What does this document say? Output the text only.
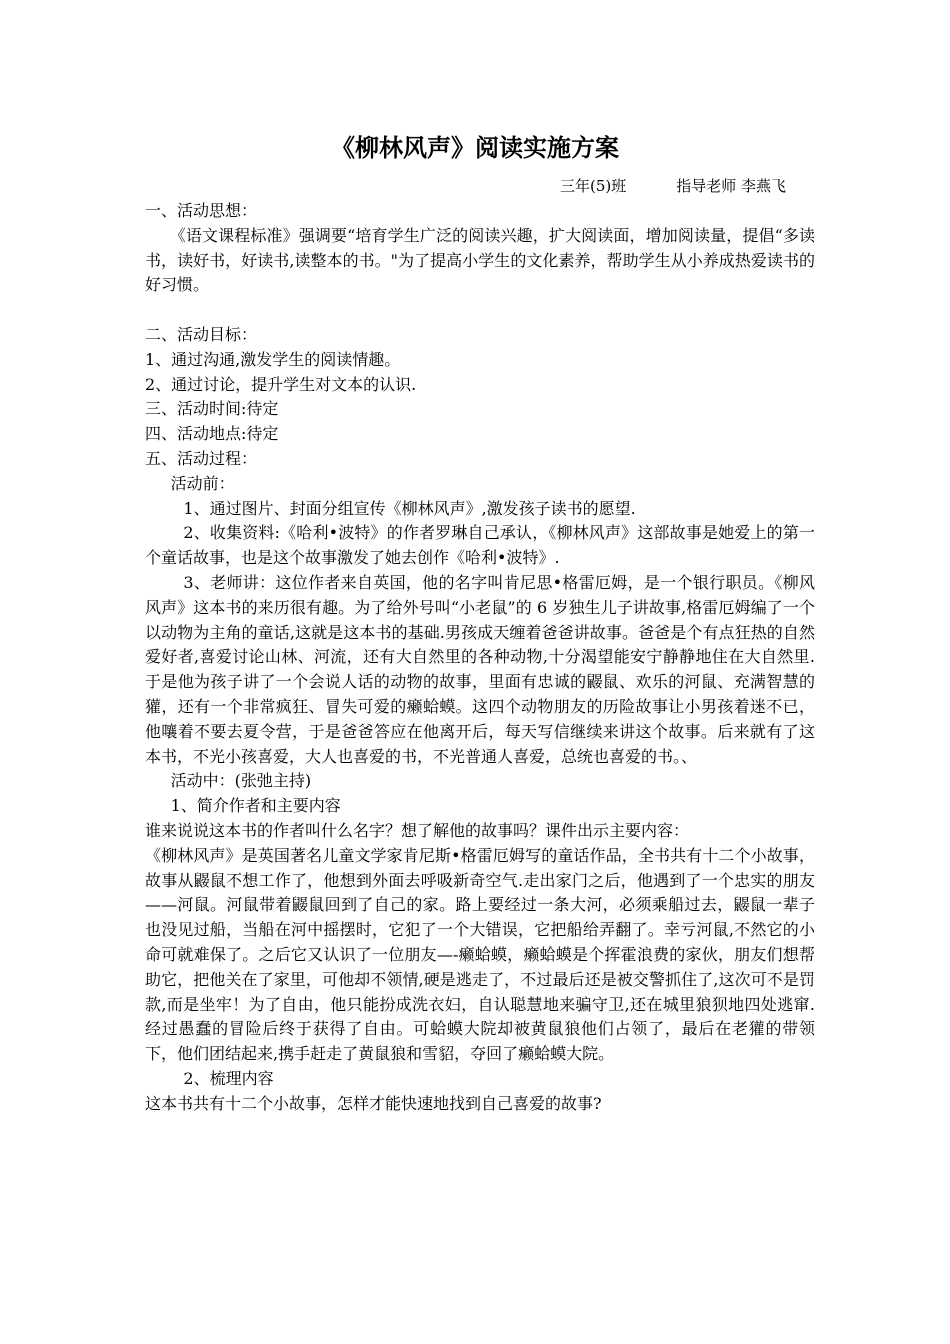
《柳林风声》阅读实施方案
三年(5)班	指导老师 李燕飞

一、活动思想：

《语文课程标准》强调要“培育学生广泛的阅读兴趣，扩大阅读面，增加阅读量，提倡“多读书，读好书，好读书,读整本的书。"为了提高小学生的文化素养，帮助学生从小养成热爱读书的好习惯。

二、活动目标：

1、通过沟通,激发学生的阅读情趣。

2、通过讨论，提升学生对文本的认识.

三、活动时间:待定

四、活动地点:待定

五、活动过程：

活动前：

1、通过图片、封面分组宣传《柳林风声》,激发孩子读书的愿望.

2、收集资料:《哈利•波特》的作者罗琳自己承认，《柳林风声》这部故事是她爱上的第一个童话故事，也是这个故事激发了她去创作《哈利•波特》.

3、老师讲：这位作者来自英国，他的名字叫肯尼思•格雷厄姆，是一个银行职员。《柳风风声》这本书的来历很有趣。为了给外号叫“小老鼠”的 6 岁独生儿子讲故事,格雷厄姆编了一个以动物为主角的童话,这就是这本书的基础.男孩成天缠着爸爸讲故事。爸爸是个有点狂热的自然爱好者,喜爱讨论山林、河流，还有大自然里的各种动物,十分渴望能安宁静静地住在大自然里.于是他为孩子讲了一个会说人话的动物的故事，里面有忠诚的鼹鼠、欢乐的河鼠、充满智慧的獾，还有一个非常疯狂、冒失可爱的癞蛤蟆。这四个动物朋友的历险故事让小男孩着迷不已，他嚷着不要去夏令营，于是爸爸答应在他离开后，每天写信继续来讲这个故事。后来就有了这本书，不光小孩喜爱，大人也喜爱的书，不光普通人喜爱，总统也喜爱的书。、

活动中：(张弛主持)

1、简介作者和主要内容

谁来说说这本书的作者叫什么名字？想了解他的故事吗？课件出示主要内容：

《柳林风声》是英国著名儿童文学家肯尼斯•格雷厄姆写的童话作品，全书共有十二个小故事，故事从鼹鼠不想工作了，他想到外面去呼吸新奇空气.走出家门之后，他遇到了一个忠实的朋友——河鼠。河鼠带着鼹鼠回到了自己的家。路上要经过一条大河，必须乘船过去，鼹鼠一辈子也没见过船，当船在河中摇摆时，它犯了一个大错误，它把船给弄翻了。幸亏河鼠,不然它的小命可就难保了。之后它又认识了一位朋友—-癞蛤蟆，癞蛤蟆是个挥霍浪费的家伙，朋友们想帮助它，把他关在了家里，可他却不领情,硬是逃走了，不过最后还是被交警抓住了,这次可不是罚款,而是坐牢！为了自由，他只能扮成洗衣妇，自认聪慧地来骗守卫,还在城里狼狈地四处逃窜.经过愚蠢的冒险后终于获得了自由。可蛤蟆大院却被黄鼠狼他们占领了，最后在老獾的带领下，他们团结起来,携手赶走了黄鼠狼和雪貂，夺回了癞蛤蟆大院。

2、梳理内容

这本书共有十二个小故事，怎样才能快速地找到自己喜爱的故事?
